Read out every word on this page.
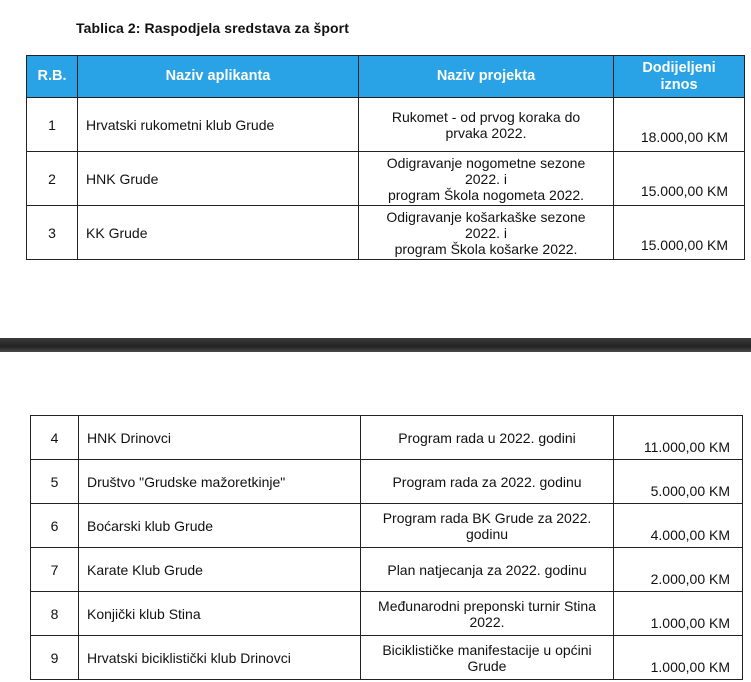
Tablica 2: Raspodjela sredstava za šport
R.B.	Naziv aplikanta	Naziv projekta	Dodijeljeni
iznos
1	Hrvatski rukometni klub Grude	Rukomet - od prvog koraka do
prvaka 2022.	18.000,00 KM
2	HNK Grude	Odigravanje nogometne sezone
2022. i
program Škola nogometa 2022.	15.000,00 KM
3	KK Grude	Odigravanje košarkaške sezone
2022. i
program Škola košarke 2022.	15.000,00 KM
4	HNK Drinovci	Program rada u 2022. godini	11.000,00 KM
5	Društvo "Grudske mažoretkinje"	Program rada za 2022. godinu	5.000,00 KM
6	Boćarski klub Grude	Program rada BK Grude za 2022.
godinu	4.000,00 KM
7	Karate Klub Grude	Plan natjecanja za 2022. godinu	2.000,00 KM
8	Konjički klub Stina	Međunarodni preponski turnir Stina
2022.	1.000,00 KM
9	Hrvatski biciklistički klub Drinovci	Biciklističke manifestacije u općini
Grude	1.000,00 KM
